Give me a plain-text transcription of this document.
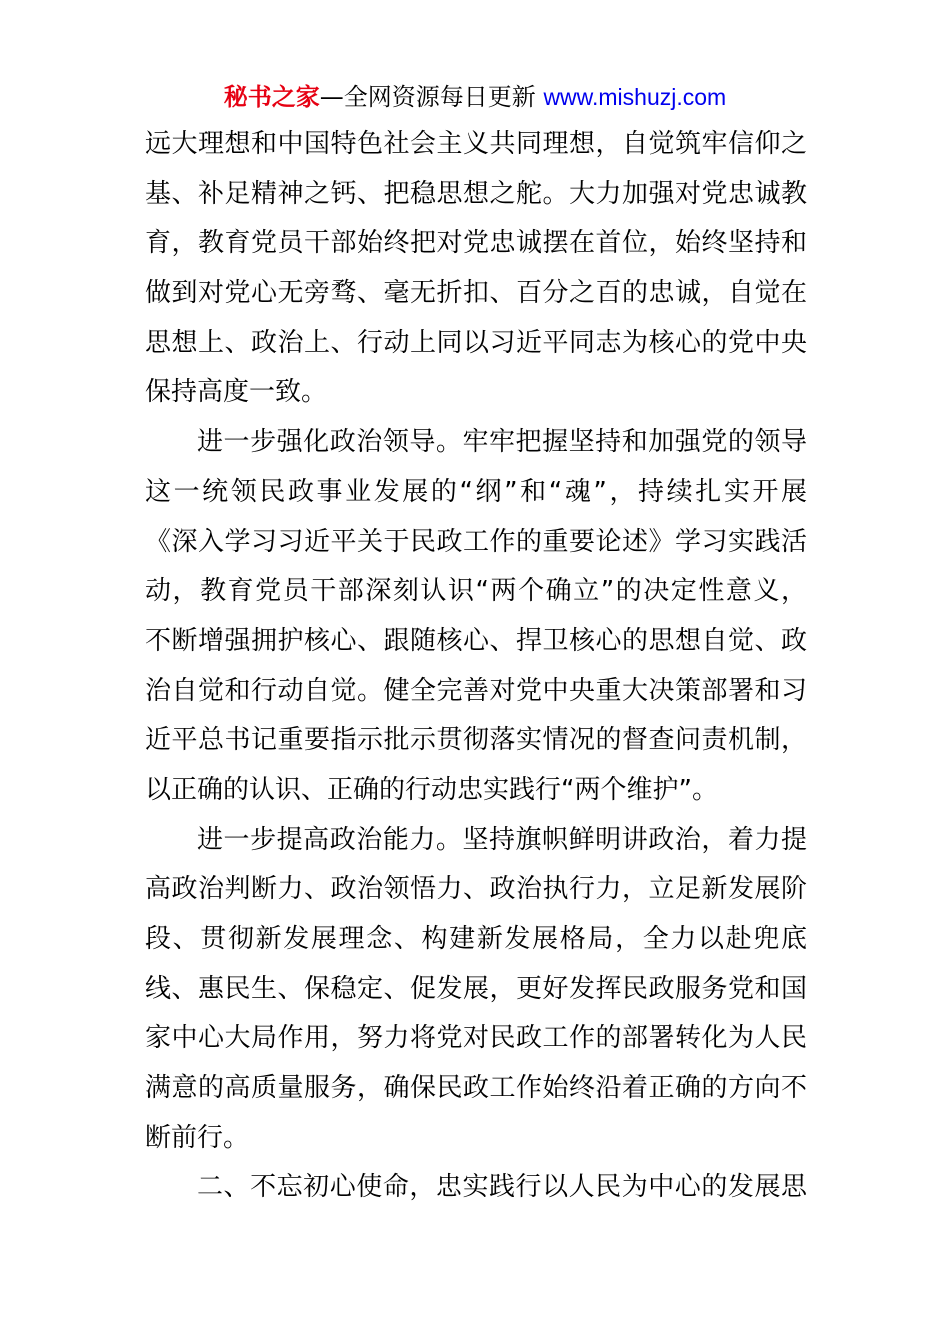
秘书之家—全网资源每日更新 www.mishuzj.com
远大理想和中国特色社会主义共同理想，自觉筑牢信仰之
基、补足精神之钙、把稳思想之舵。大力加强对党忠诚教
育，教育党员干部始终把对党忠诚摆在首位，始终坚持和
做到对党心无旁骛、毫无折扣、百分之百的忠诚，自觉在
思想上、政治上、行动上同以习近平同志为核心的党中央
保持高度一致。
进一步强化政治领导。牢牢把握坚持和加强党的领导
这一统领民政事业发展的“纲”和“魂”，持续扎实开展
《深入学习习近平关于民政工作的重要论述》学习实践活
动，教育党员干部深刻认识“两个确立”的决定性意义，
不断增强拥护核心、跟随核心、捍卫核心的思想自觉、政
治自觉和行动自觉。健全完善对党中央重大决策部署和习
近平总书记重要指示批示贯彻落实情况的督查问责机制，
以正确的认识、正确的行动忠实践行“两个维护”。
进一步提高政治能力。坚持旗帜鲜明讲政治，着力提
高政治判断力、政治领悟力、政治执行力，立足新发展阶
段、贯彻新发展理念、构建新发展格局，全力以赴兜底
线、惠民生、保稳定、促发展，更好发挥民政服务党和国
家中心大局作用，努力将党对民政工作的部署转化为人民
满意的高质量服务，确保民政工作始终沿着正确的方向不
断前行。
二、不忘初心使命，忠实践行以人民为中心的发展思
